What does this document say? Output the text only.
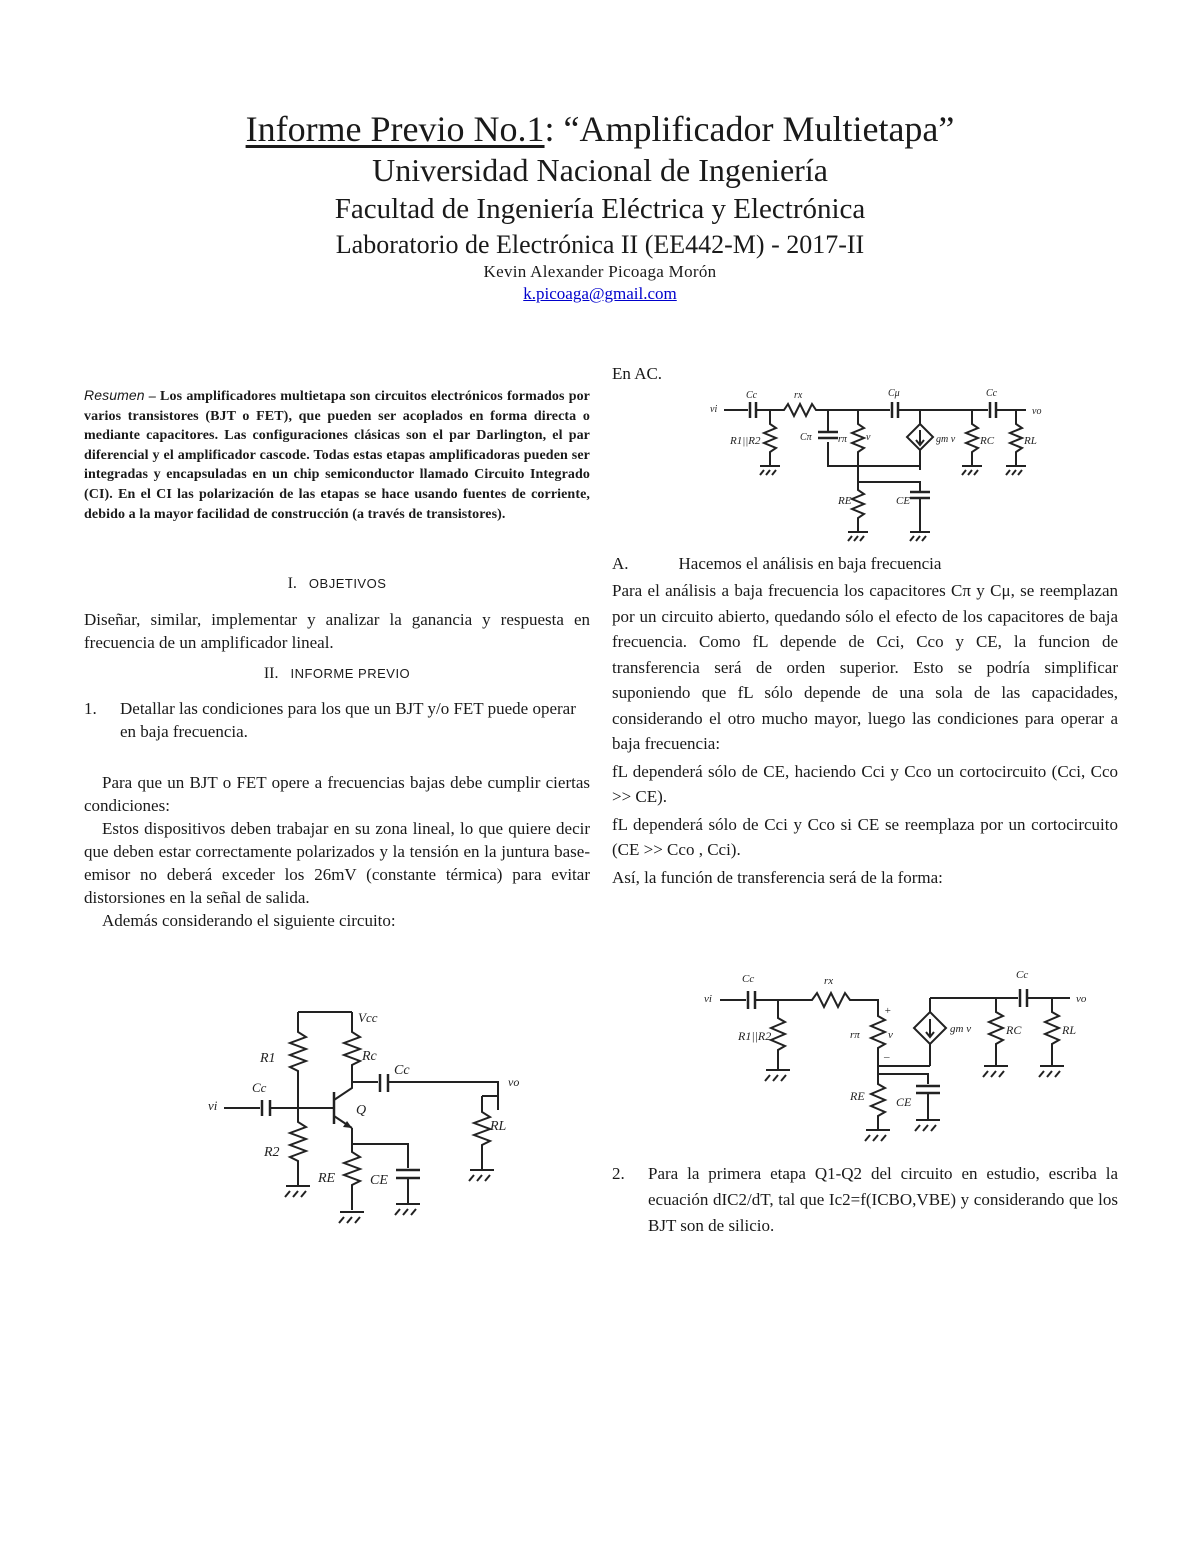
Informe Previo No.1: “Amplificador Multietapa”
Universidad Nacional de Ingeniería
Facultad de Ingeniería Eléctrica y Electrónica
Laboratorio de Electrónica II (EE442-M) - 2017-II
Kevin Alexander Picoaga Morón
k.picoaga@gmail.com
Resumen – Los amplificadores multietapa son circuitos electrónicos formados por varios transistores (BJT o FET), que pueden ser acoplados en forma directa o mediante capacitores. Las configuraciones clásicas son el par Darlington, el par diferencial y el amplificador cascode. Todas estas etapas amplificadoras pueden ser integradas y encapsuladas en un chip semiconductor llamado Circuito Integrado (CI). En el CI las polarización de las etapas se hace usando fuentes de corriente, debido a la mayor facilidad de construcción (a través de transistores).
I. OBJETIVOS
Diseñar, similar, implementar y analizar la ganancia y respuesta en frecuencia de un amplificador lineal.
II. INFORME PREVIO
1.	Detallar las condiciones para los que un BJT y/o FET puede operar en baja frecuencia.

Para que un BJT o FET opere a frecuencias bajas debe cumplir ciertas condiciones:

Estos dispositivos deben trabajar en su zona lineal, lo que quiere decir que deben estar correctamente polarizados y la tensión en la juntura base-emisor no deberá exceder los 26mV (constante térmica) para evitar distorsiones en la señal de salida.

Además considerando el siguiente circuito:

Vcc
R1	Rc
Cc
vo
RL
vi
Cc
Q
R2
RE CE
En AC.
vi
Cc	rx	Cμ	Cc
vo
R1||R2	Cπ	rπ v	gm v RC	RL
RE	CE
A.	Hacemos el análisis en baja frecuencia

Para el análisis a baja frecuencia los capacitores Cπ y Cμ, se reemplazan por un circuito abierto, quedando sólo el efecto de los capacitores de baja frecuencia. Como fL depende de Cci, Cco y CE, la funcion de transferencia será de orden superior. Esto se podría simplificar suponiendo que fL sólo depende de una sola de las capacidades, considerando el otro mucho mayor, luego las condiciones para operar a baja frecuencia:

fL dependerá sólo de CE, haciendo Cci y Cco un cortocircuito (Cci, Cco >> CE).

fL dependerá sólo de Cci y Cco si CE se reemplaza por un cortocircuito (CE >> Cco , Cci).

Así, la función de transferencia será de la forma:

vi
Cc	rx
R1||R2	rπ
+
v
–
gm v
Cc
vo
RC	RL
RE	CE
2.	Para la primera etapa Q1-Q2 del circuito en estudio, escriba la ecuación dIC2/dT, tal que Ic2=f(ICBO,VBE) y considerando que los BJT son de silicio.
